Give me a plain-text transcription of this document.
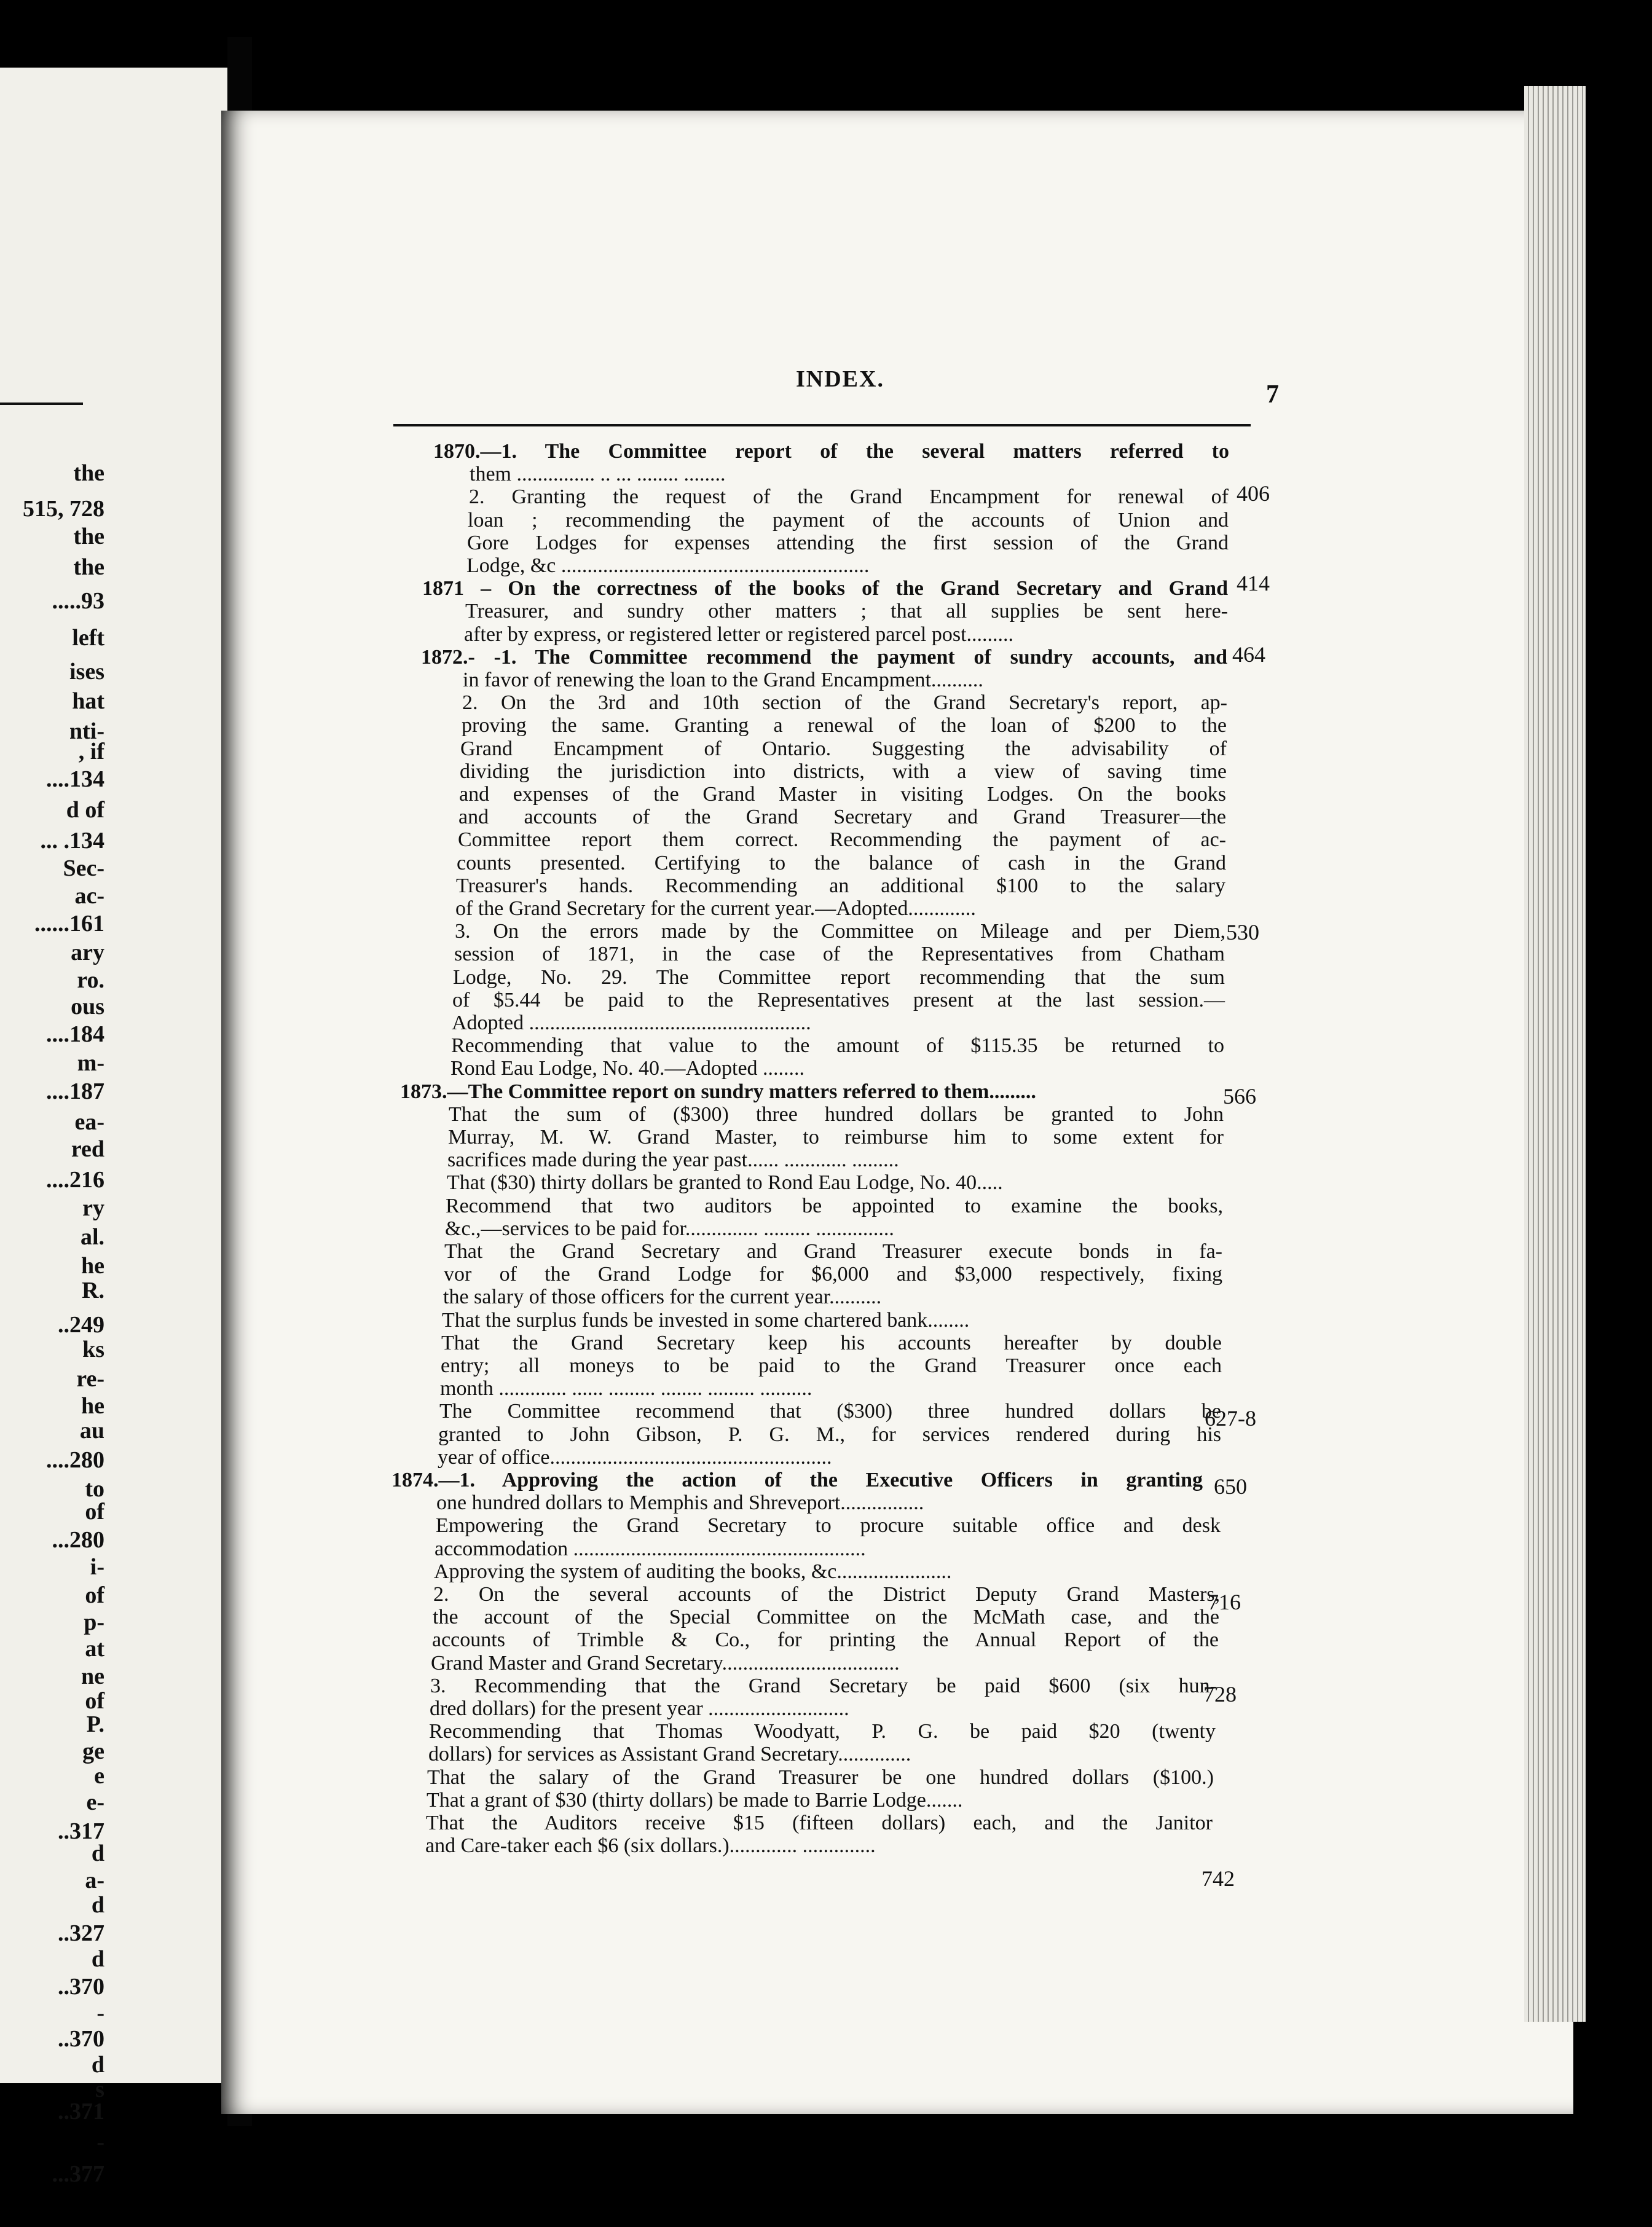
the
515, 728
the
the
.....93
left
ises
hat
nti-
, if
....134
d of
... .134
Sec-
ac-
......161
ary
ro.
ous
....184
m-
....187
ea-
red
....216
ry
al.
he
R.
..249
ks
re-
he
au
....280
to
of
...280
i-
of
p-
at
ne
of
P.
ge
e
e-
..317
d
a-
d
..327
d
..370
-
..370
d
s
..371
-
...377
INDEX.
7
1870.—1. The Committee report of the several matters referred to
them ............... .. ... ........ ........
2. Granting the request of the Grand Encampment for renewal of
loan ; recommending the payment of the accounts of Union and
Gore Lodges for expenses attending the first session of the Grand
Lodge, &c ...........................................................
1871 – On the correctness of the books of the Grand Secretary and Grand
Treasurer, and sundry other matters ; that all supplies be sent here-
after by express, or registered letter or registered parcel post.........
1872.- -1. The Committee recommend the payment of sundry accounts, and
in favor of renewing the loan to the Grand Encampment..........
2. On the 3rd and 10th section of the Grand Secretary's report, ap-
proving the same. Granting a renewal of the loan of $200 to the
Grand Encampment of Ontario. Suggesting the advisability of
dividing the jurisdiction into districts, with a view of saving time
and expenses of the Grand Master in visiting Lodges. On the books
and accounts of the Grand Secretary and Grand Treasurer—the
Committee report them correct. Recommending the payment of ac-
counts presented. Certifying to the balance of cash in the Grand
Treasurer's hands. Recommending an additional $100 to the salary
of the Grand Secretary for the current year.—Adopted.............
3. On the errors made by the Committee on Mileage and per Diem,
session of 1871, in the case of the Representatives from Chatham
Lodge, No. 29. The Committee report recommending that the sum
of $5.44 be paid to the Representatives present at the last session.—
Adopted ......................................................
Recommending that value to the amount of $115.35 be returned to
Rond Eau Lodge, No. 40.—Adopted ........
1873.—The Committee report on sundry matters referred to them.........
That the sum of ($300) three hundred dollars be granted to John
Murray, M. W. Grand Master, to reimburse him to some extent for
sacrifices made during the year past...... ............ .........
That ($30) thirty dollars be granted to Rond Eau Lodge, No. 40.....
Recommend that two auditors be appointed to examine the books,
&c.,—services to be paid for.............. ......... ...............
That the Grand Secretary and Grand Treasurer execute bonds in fa-
vor of the Grand Lodge for $6,000 and $3,000 respectively, fixing
the salary of those officers for the current year..........
That the surplus funds be invested in some chartered bank........
That the Grand Secretary keep his accounts hereafter by double
entry; all moneys to be paid to the Grand Treasurer once each
month ............. ...... ......... ........ ......... ..........
The Committee recommend that ($300) three hundred dollars be
granted to John Gibson, P. G. M., for services rendered during his
year of office......................................................
1874.—1. Approving the action of the Executive Officers in granting
one hundred dollars to Memphis and Shreveport................
Empowering the Grand Secretary to procure suitable office and desk
accommodation ........................................................
Approving the system of auditing the books, &c......................
2. On the several accounts of the District Deputy Grand Masters,
the account of the Special Committee on the McMath case, and the
accounts of Trimble & Co., for printing the Annual Report of the
Grand Master and Grand Secretary..................................
3. Recommending that the Grand Secretary be paid $600 (six hun-
dred dollars) for the present year ...........................
Recommending that Thomas Woodyatt, P. G. be paid $20 (twenty
dollars) for services as Assistant Grand Secretary..............
That the salary of the Grand Treasurer be one hundred dollars ($100.)
That a grant of $30 (thirty dollars) be made to Barrie Lodge.......
That the Auditors receive $15 (fifteen dollars) each, and the Janitor
and Care-taker each $6 (six dollars.)............. ..............
406
414
464
530
566
627-8
650
716
728
742
